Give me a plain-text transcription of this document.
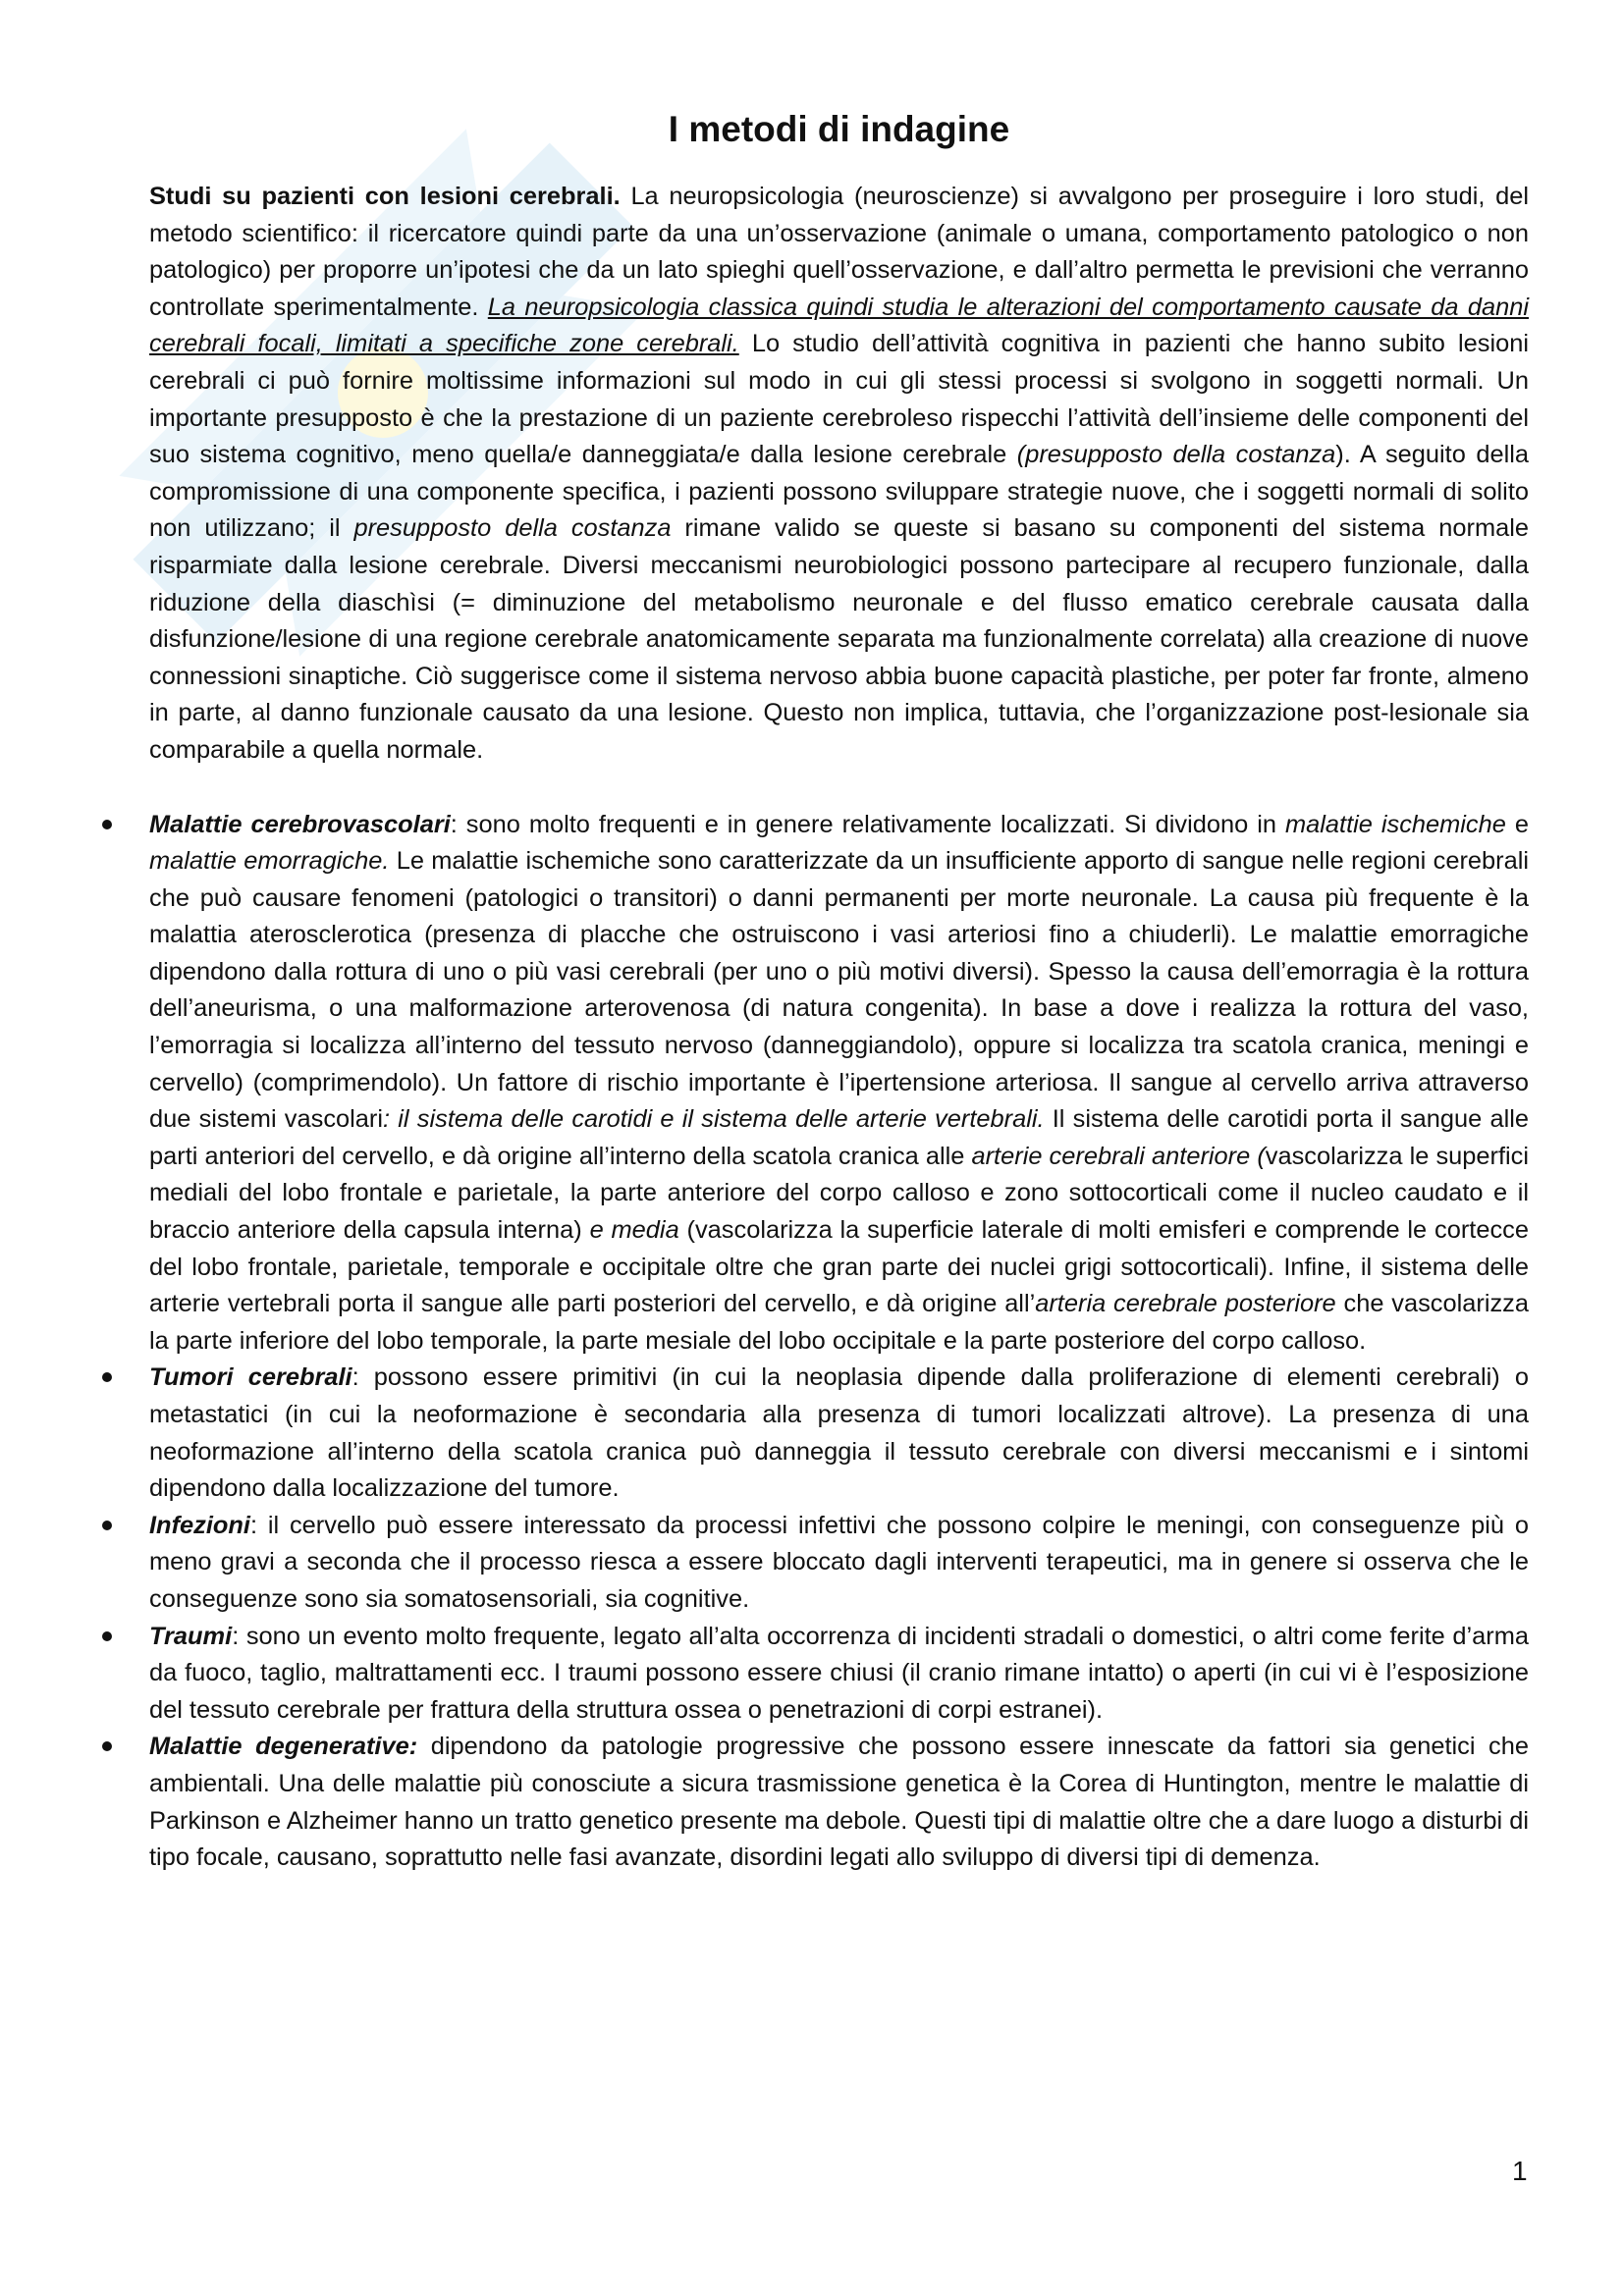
I metodi di indagine

Studi su pazienti con lesioni cerebrali. La neuropsicologia (neuroscienze) si avvalgono per proseguire i loro studi, del metodo scientifico: il ricercatore quindi parte da una un’osservazione (animale o umana, comportamento patologico o non patologico) per proporre un’ipotesi che da un lato spieghi quell’osservazione, e dall’altro permetta le previsioni che verranno controllate sperimentalmente. La neuropsicologia classica quindi studia le alterazioni del comportamento causate da danni cerebrali focali, limitati a specifiche zone cerebrali. Lo studio dell’attività cognitiva in pazienti che hanno subito lesioni cerebrali ci può fornire moltissime informazioni sul modo in cui gli stessi processi si svolgono in soggetti normali. Un importante presupposto è che la prestazione di un paziente cerebroleso rispecchi l’attività dell’insieme delle componenti del suo sistema cognitivo, meno quella/e danneggiata/e dalla lesione cerebrale (presupposto della costanza). A seguito della compromissione di una componente specifica, i pazienti possono sviluppare strategie nuove, che i soggetti normali di solito non utilizzano; il presupposto della costanza rimane valido se queste si basano su componenti del sistema normale risparmiate dalla lesione cerebrale. Diversi meccanismi neurobiologici possono partecipare al recupero funzionale, dalla riduzione della diaschìsi (= diminuzione del metabolismo neuronale e del flusso ematico cerebrale causata dalla disfunzione/lesione di una regione cerebrale anatomicamente separata ma funzionalmente correlata) alla creazione di nuove connessioni sinaptiche. Ciò suggerisce come il sistema nervoso abbia buone capacità plastiche, per poter far fronte, almeno in parte, al danno funzionale causato da una lesione. Questo non implica, tuttavia, che l’organizzazione post-lesionale sia comparabile a quella normale.

Malattie cerebrovascolari: sono molto frequenti e in genere relativamente localizzati. Si dividono in malattie ischemiche e malattie emorragiche. Le malattie ischemiche sono caratterizzate da un insufficiente apporto di sangue nelle regioni cerebrali che può causare fenomeni (patologici o transitori) o danni permanenti per morte neuronale. La causa più frequente è la malattia aterosclerotica (presenza di placche che ostruiscono i vasi arteriosi fino a chiuderli). Le malattie emorragiche dipendono dalla rottura di uno o più vasi cerebrali (per uno o più motivi diversi). Spesso la causa dell’emorragia è la rottura dell’aneurisma, o una malformazione arterovenosa (di natura congenita). In base a dove i realizza la rottura del vaso, l’emorragia si localizza all’interno del tessuto nervoso (danneggiandolo), oppure si localizza tra scatola cranica, meningi e cervello) (comprimendolo). Un fattore di rischio importante è l’ipertensione arteriosa. Il sangue al cervello arriva attraverso due sistemi vascolari: il sistema delle carotidi e il sistema delle arterie vertebrali. Il sistema delle carotidi porta il sangue alle parti anteriori del cervello, e dà origine all’interno della scatola cranica alle arterie cerebrali anteriore (vascolarizza le superfici mediali del lobo frontale e parietale, la parte anteriore del corpo calloso e zono sottocorticali come il nucleo caudato e il braccio anteriore della capsula interna) e media (vascolarizza la superficie laterale di molti emisferi e comprende le cortecce del lobo frontale, parietale, temporale e occipitale oltre che gran parte dei nuclei grigi sottocorticali). Infine, il sistema delle arterie vertebrali porta il sangue alle parti posteriori del cervello, e dà origine all’arteria cerebrale posteriore che vascolarizza la parte inferiore del lobo temporale, la parte mesiale del lobo occipitale e la parte posteriore del corpo calloso.
Tumori cerebrali: possono essere primitivi (in cui la neoplasia dipende dalla proliferazione di elementi cerebrali) o metastatici (in cui la neoformazione è secondaria alla presenza di tumori localizzati altrove). La presenza di una neoformazione all’interno della scatola cranica può danneggia il tessuto cerebrale con diversi meccanismi e i sintomi dipendono dalla localizzazione del tumore.
Infezioni: il cervello può essere interessato da processi infettivi che possono colpire le meningi, con conseguenze più o meno gravi a seconda che il processo riesca a essere bloccato dagli interventi terapeutici, ma in genere si osserva che le conseguenze sono sia somatosensoriali, sia cognitive.
Traumi: sono un evento molto frequente, legato all’alta occorrenza di incidenti stradali o domestici, o altri come ferite d’arma da fuoco, taglio, maltrattamenti ecc. I traumi possono essere chiusi (il cranio rimane intatto) o aperti (in cui vi è l’esposizione del tessuto cerebrale per frattura della struttura ossea o penetrazioni di corpi estranei).
Malattie degenerative: dipendono da patologie progressive che possono essere innescate da fattori sia genetici che ambientali. Una delle malattie più conosciute a sicura trasmissione genetica è la Corea di Huntington, mentre le malattie di Parkinson e Alzheimer hanno un tratto genetico presente ma debole. Questi tipi di malattie oltre che a dare luogo a disturbi di tipo focale, causano, soprattutto nelle fasi avanzate, disordini legati allo sviluppo di diversi tipi di demenza.
1
